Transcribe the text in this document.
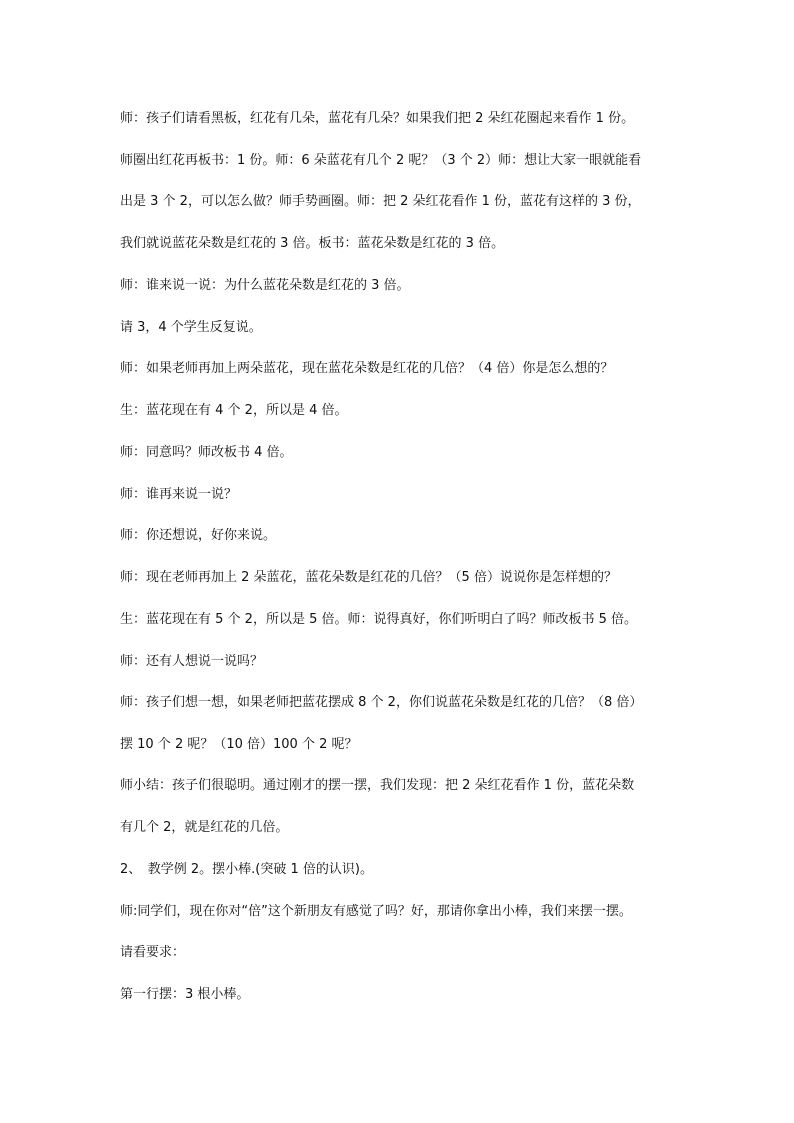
师：孩子们请看黑板，红花有几朵，蓝花有几朵？如果我们把 2 朵红花圈起来看作 1 份。
师圈出红花再板书：1 份。师：6 朵蓝花有几个 2 呢？（3 个 2）师：想让大家一眼就能看
出是 3 个 2，可以怎么做？师手势画圈。师：把 2 朵红花看作 1 份，蓝花有这样的 3 份，
我们就说蓝花朵数是红花的 3 倍。板书：蓝花朵数是红花的 3 倍。
师：谁来说一说：为什么蓝花朵数是红花的 3 倍。
请 3，4 个学生反复说。
师：如果老师再加上两朵蓝花，现在蓝花朵数是红花的几倍？（4 倍）你是怎么想的？
生：蓝花现在有 4 个 2，所以是 4 倍。
师：同意吗？师改板书 4 倍。
师：谁再来说一说？
师：你还想说，好你来说。
师：现在老师再加上 2 朵蓝花，蓝花朵数是红花的几倍？（5 倍）说说你是怎样想的？
生：蓝花现在有 5 个 2，所以是 5 倍。师：说得真好，你们听明白了吗？师改板书 5 倍。
师：还有人想说一说吗？
师：孩子们想一想，如果老师把蓝花摆成 8 个 2，你们说蓝花朵数是红花的几倍？（8 倍）
摆 10 个 2 呢？（10 倍）100 个 2 呢？
师小结：孩子们很聪明。通过刚才的摆一摆，我们发现：把 2 朵红花看作 1 份，蓝花朵数
有几个 2，就是红花的几倍。
2、　教学例 2。摆小棒.(突破 1 倍的认识)。
师:同学们，现在你对“倍”这个新朋友有感觉了吗？好，那请你拿出小棒，我们来摆一摆。
请看要求：
第一行摆：3 根小棒。
